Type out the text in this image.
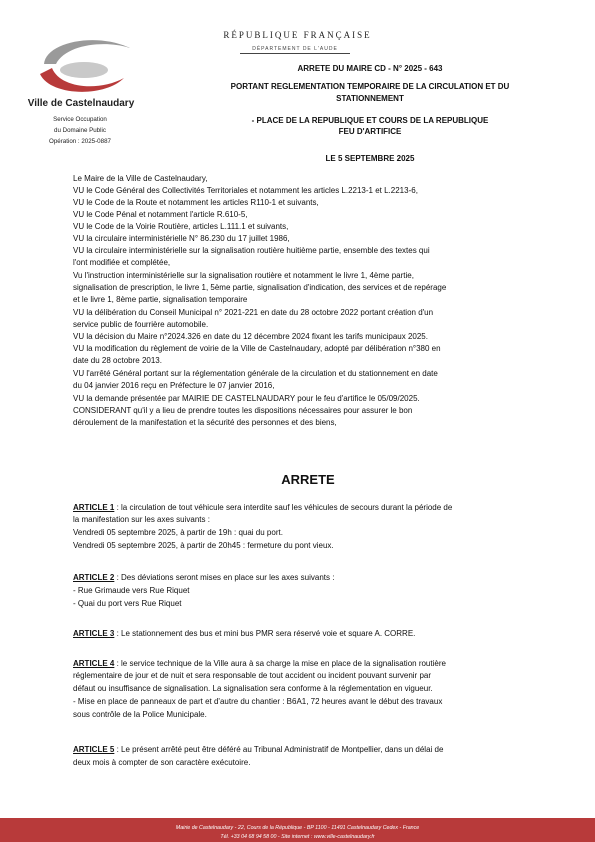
RÉPUBLIQUE FRANÇAISE
DÉPARTEMENT DE L'AUDE
Ville de Castelnaudary
Service Occupation
du Domaine Public
Opération : 2025-0887
ARRETE DU MAIRE CD - N° 2025 - 643
PORTANT REGLEMENTATION TEMPORAIRE DE LA CIRCULATION ET DU
STATIONNEMENT
- PLACE DE LA REPUBLIQUE ET COURS DE LA REPUBLIQUE
FEU D'ARTIFICE
LE 5 SEPTEMBRE 2025
Le Maire de la Ville de Castelnaudary,
VU le Code Général des Collectivités Territoriales et notamment les articles L.2213-1 et L.2213-6,
VU le Code de la Route et notamment les articles R110-1 et suivants,
VU le Code Pénal et notamment l'article R.610-5,
VU le Code de la Voirie Routière, articles L.111.1 et suivants,
VU la circulaire interministérielle N° 86.230 du 17 juillet 1986,
VU la circulaire interministérielle sur la signalisation routière huitième partie, ensemble des textes qui
l'ont modifiée et complétée,
Vu l'instruction interministérielle sur la signalisation routière et notamment le livre 1, 4ème partie,
signalisation de prescription, le livre 1, 5ème partie, signalisation d'indication, des services et de repérage
et le livre 1, 8ème partie, signalisation temporaire
VU la délibération du Conseil Municipal n° 2021-221 en date du 28 octobre 2022 portant création d'un
service public de fourrière automobile.
VU la décision du Maire n°2024.326 en date du 12 décembre 2024 fixant les tarifs municipaux 2025.
VU la modification du règlement de voirie de la Ville de Castelnaudary, adopté par délibération n°380 en
date du 28 octobre 2013.
VU l'arrêté Général portant sur la réglementation générale de la circulation et du stationnement en date
du 04 janvier 2016 reçu en Préfecture le 07 janvier 2016,
VU la demande présentée par MAIRIE DE CASTELNAUDARY pour le feu d'artifice le 05/09/2025.
CONSIDERANT qu'il y a lieu de prendre toutes les dispositions nécessaires pour assurer le bon
déroulement de la manifestation et la sécurité des personnes et des biens,
ARRETE
ARTICLE 1 : la circulation de tout véhicule sera interdite sauf les véhicules de secours durant la période de
la manifestation sur les axes suivants :
Vendredi 05 septembre 2025, à partir de 19h : quai du port.
Vendredi 05 septembre 2025, à partir de 20h45 : fermeture du pont vieux.
ARTICLE 2 : Des déviations seront mises en place sur les axes suivants :
- Rue Grimaude vers Rue Riquet
- Quai du port vers Rue Riquet
ARTICLE 3 : Le stationnement des bus et mini bus PMR sera réservé voie et square A. CORRE.
ARTICLE 4 : le service technique de la Ville aura à sa charge la mise en place de la signalisation routière
réglementaire de jour et de nuit et sera responsable de tout accident ou incident pouvant survenir par
défaut ou insuffisance de signalisation. La signalisation sera conforme à la réglementation en vigueur.
- Mise en place de panneaux de part et d'autre du chantier : B6A1, 72 heures avant le début des travaux
sous contrôle de la Police Municipale.
ARTICLE 5 : Le présent arrêté peut être déféré au Tribunal Administratif de Montpellier, dans un délai de
deux mois à compter de son caractère exécutoire.
Mairie de Castelnaudary - 22, Cours de la République - BP 1100 - 11491 Castelnaudary Cedex - France
Tél. +33 04 68 94 58 00 - Site internet : www.ville-castelnaudary.fr
